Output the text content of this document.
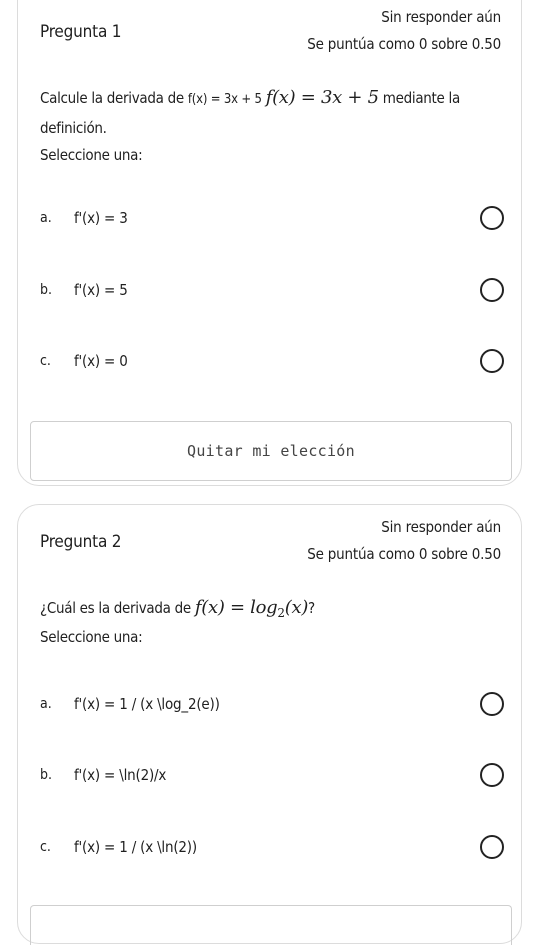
Pregunta 1
Sin responder aún
Se puntúa como 0 sobre 0.50
Calcule la derivada de f(x) = 3x + 5 f(x) = 3x + 5 mediante la definición.
Seleccione una:
a. f'(x) = 3
b. f'(x) = 5
c. f'(x) = 0
Quitar mi elección
Pregunta 2
Sin responder aún
Se puntúa como 0 sobre 0.50
¿Cuál es la derivada de $f(x) = \log_2(x)$?
Seleccione una:
a. f'(x) = 1 / (x \log_2(e))
b. f'(x) = \ln(2)/x
c. f'(x) = 1 / (x \ln(2))
